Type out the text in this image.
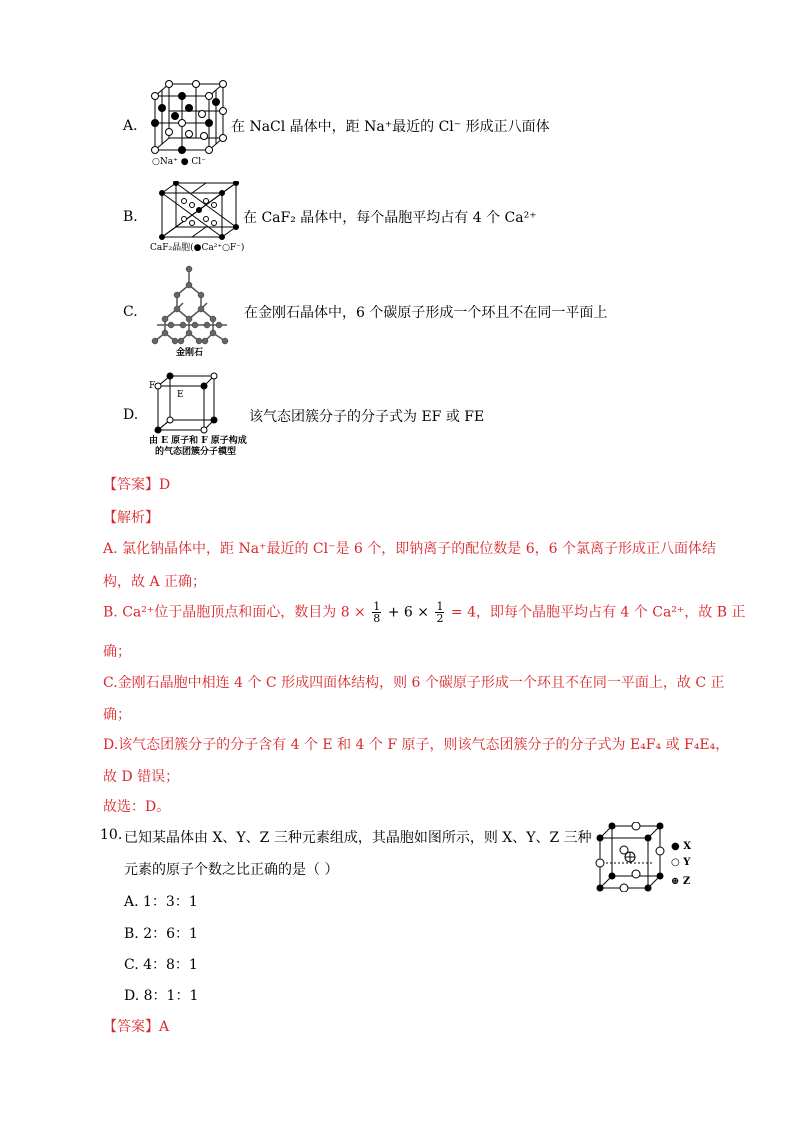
A.
○Na⁺ ● Cl⁻
在 NaCl 晶体中，距 Na⁺最近的 Cl⁻ 形成正八面体
B.
CaF₂晶胞(●Ca²⁺○F⁻)
在 CaF₂ 晶体中，每个晶胞平均占有 4 个 Ca²⁺
C.
金刚石
在金刚石晶体中，6 个碳原子形成一个环且不在同一平面上
D.
F
E
由 E 原子和 F 原子构成
的气态团簇分子模型
该气态团簇分子的分子式为 EF 或 FE
【答案】D
【解析】
A. 氯化钠晶体中，距 Na⁺最近的 Cl⁻是 6 个，即钠离子的配位数是 6，6 个氯离子形成正八面体结
构，故 A 正确；
B. Ca²⁺位于晶胞顶点和面心，数目为 $8 \times \frac{1}{8} + 6 \times \frac{1}{2} = 4$，即每个晶胞平均占有 4 个 Ca²⁺，故 B 正
确；
C.金刚石晶胞中相连 4 个 C 形成四面体结构，则 6 个碳原子形成一个环且不在同一平面上，故 C 正
确；
D.该气态团簇分子的分子含有 4 个 E 和 4 个 F 原子，则该气态团簇分子的分子式为 E₄F₄ 或 F₄E₄，
故 D 错误；
故选：D。
10. 已知某晶体由 X、Y、Z 三种元素组成，其晶胞如图所示，则 X、Y、Z 三种
元素的原子个数之比正确的是（ ）
● X
○ Y
⊕ Z
A. 1：3：1
B. 2：6：1
C. 4：8：1
D. 8：1：1
【答案】A
